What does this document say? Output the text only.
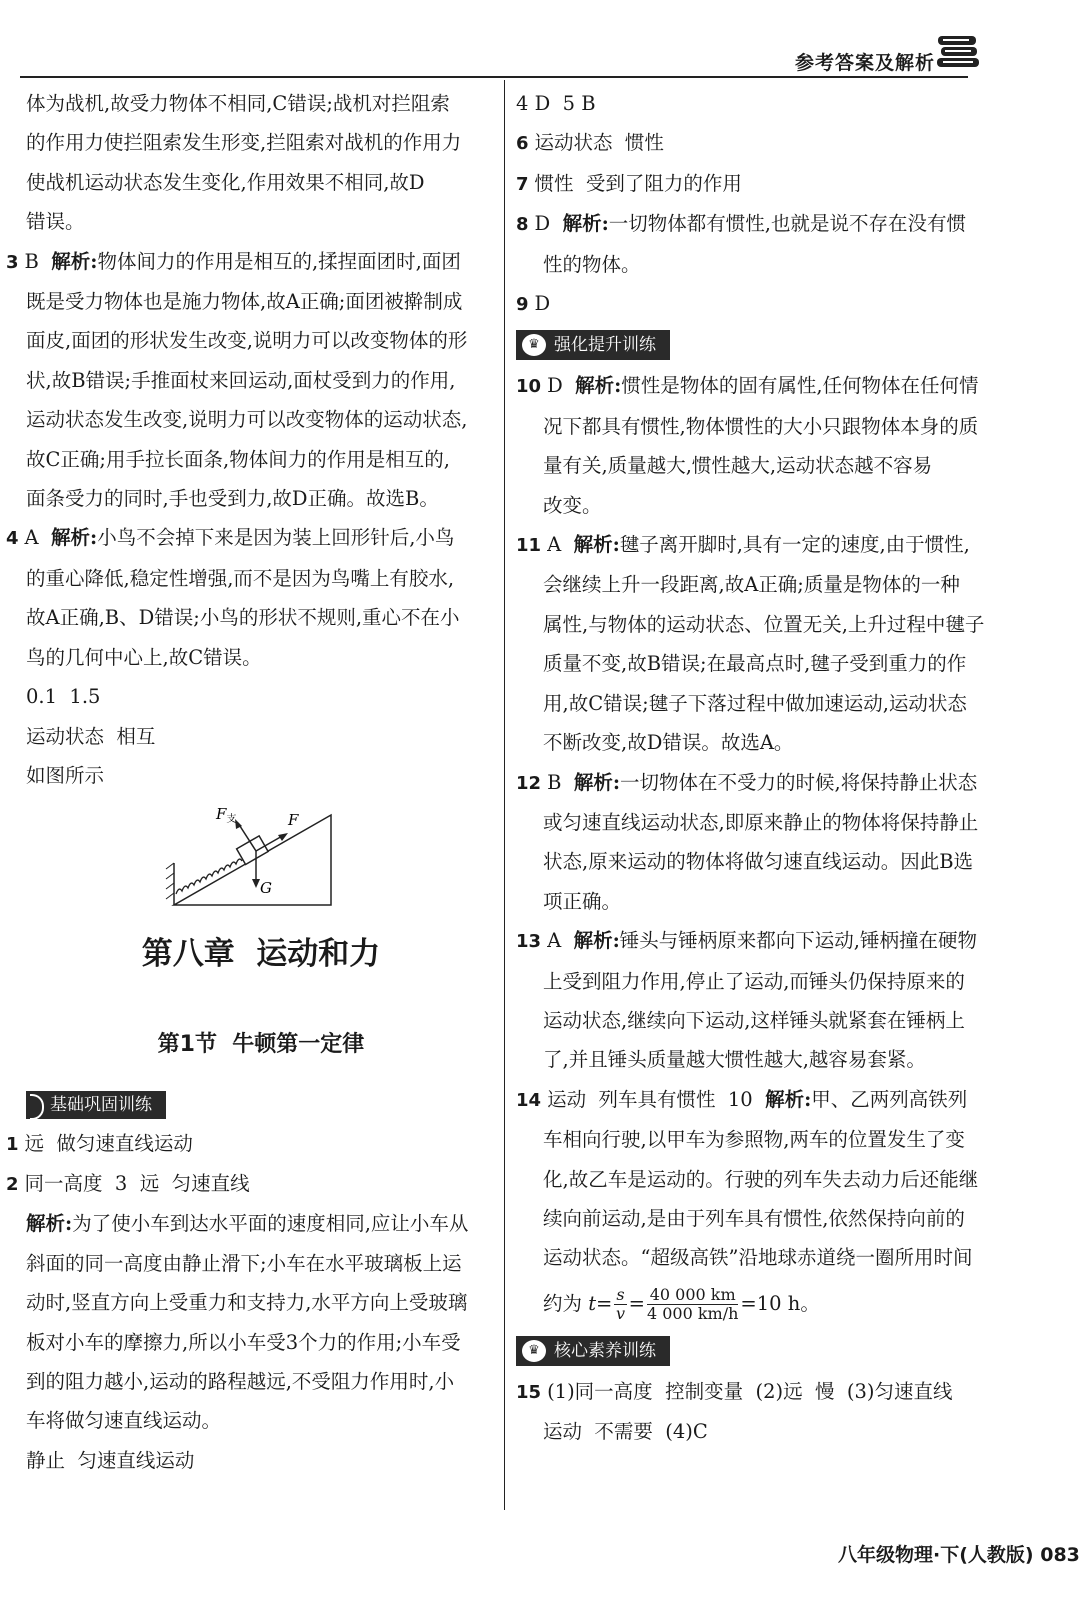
参考答案及解析

体为战机,故受力物体不相同,C错误;战机对拦阻索

的作用力使拦阻索发生形变,拦阻索对战机的作用力

使战机运动状态发生变化,作用效果不相同,故D

错误。

3 B 解析:物体间力的作用是相互的,揉捏面团时,面团

既是受力物体也是施力物体,故A正确;面团被擀制成

面皮,面团的形状发生改变,说明力可以改变物体的形

状,故B错误;手推面杖来回运动,面杖受到力的作用,

运动状态发生改变,说明力可以改变物体的运动状态,

故C正确;用手拉长面条,物体间力的作用是相互的,

面条受力的同时,手也受到力,故D正确。故选B。

4 A 解析:小鸟不会掉下来是因为装上回形针后,小鸟

的重心降低,稳定性增强,而不是因为鸟嘴上有胶水,

故A正确,B、D错误;小鸟的形状不规则,重心不在小

鸟的几何中心上,故C错误。

0.1  1.5

运动状态  相互

如图所示

$F_支$	F
G

第八章  运动和力

第1节  牛顿第一定律

基础巩固训练

1 远  做匀速直线运动

2 同一高度  3  远  匀速直线

解析:为了使小车到达水平面的速度相同,应让小车从

斜面的同一高度由静止滑下;小车在水平玻璃板上运

动时,竖直方向上受重力和支持力,水平方向上受玻璃

板对小车的摩擦力,所以小车受3个力的作用;小车受

到的阻力越小,运动的路程越远,不受阻力作用时,小

车将做匀速直线运动。

静止  匀速直线运动

4 D  5 B

6 运动状态  惯性

7 惯性  受到了阻力的作用

8 D 解析:一切物体都有惯性,也就是说不存在没有惯

性的物体。

9 D

♛ 强化提升训练

10 D 解析:惯性是物体的固有属性,任何物体在任何情

况下都具有惯性,物体惯性的大小只跟物体本身的质

量有关,质量越大,惯性越大,运动状态越不容易

改变。

11 A 解析:毽子离开脚时,具有一定的速度,由于惯性,

会继续上升一段距离,故A正确;质量是物体的一种

属性,与物体的运动状态、位置无关,上升过程中毽子

质量不变,故B错误;在最高点时,毽子受到重力的作

用,故C错误;毽子下落过程中做加速运动,运动状态

不断改变,故D错误。故选A。

12 B 解析:一切物体在不受力的时候,将保持静止状态

或匀速直线运动状态,即原来静止的物体将保持静止

状态,原来运动的物体将做匀速直线运动。因此B选

项正确。

13 A 解析:锤头与锤柄原来都向下运动,锤柄撞在硬物

上受到阻力作用,停止了运动,而锤头仍保持原来的

运动状态,继续向下运动,这样锤头就紧套在锤柄上

了,并且锤头质量越大惯性越大,越容易套紧。

14 运动  列车具有惯性  10 解析:甲、乙两列高铁列

车相向行驶,以甲车为参照物,两车的位置发生了变

化,故乙车是运动的。行驶的列车失去动力后还能继

续向前运动,是由于列车具有惯性,依然保持向前的

运动状态。“超级高铁”沿地球赤道绕一圈所用时间

约为 $t= \frac{s}{v} = \frac{40 000 km}{4 000 km/h} =10$ h。

♛ 核心素养训练

15 (1)同一高度  控制变量  (2)远  慢  (3)匀速直线

运动  不需要  (4)C

八年级物理·下(人教版) 083
